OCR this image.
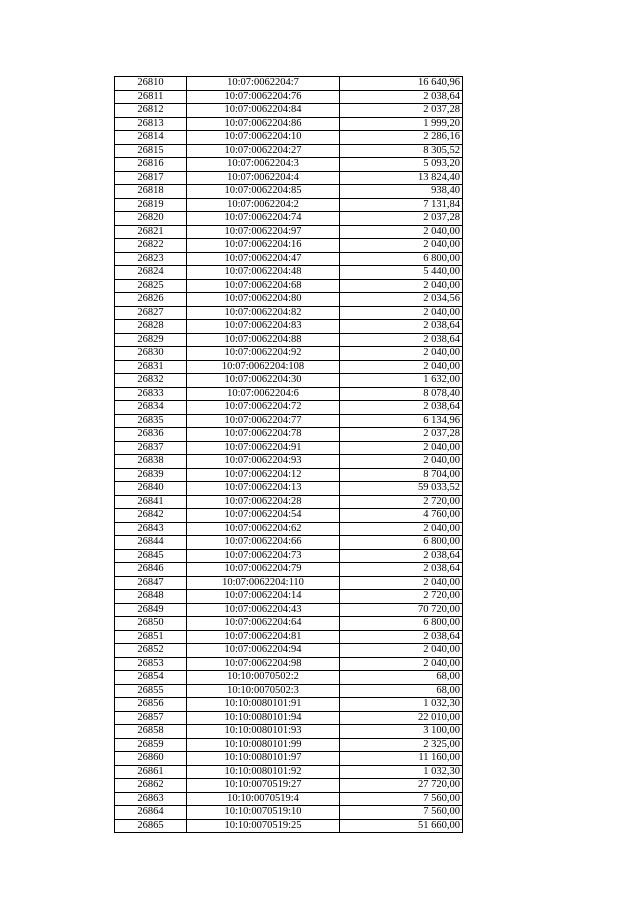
26810	10:07:0062204:7	16 640,96
26811	10:07:0062204:76	2 038,64
26812	10:07:0062204:84	2 037,28
26813	10:07:0062204:86	1 999,20
26814	10:07:0062204:10	2 286,16
26815	10:07:0062204:27	8 305,52
26816	10:07:0062204:3	5 093,20
26817	10:07:0062204:4	13 824,40
26818	10:07:0062204:85	938,40
26819	10:07:0062204:2	7 131,84
26820	10:07:0062204:74	2 037,28
26821	10:07:0062204:97	2 040,00
26822	10:07:0062204:16	2 040,00
26823	10:07:0062204:47	6 800,00
26824	10:07:0062204:48	5 440,00
26825	10:07:0062204:68	2 040,00
26826	10:07:0062204:80	2 034,56
26827	10:07:0062204:82	2 040,00
26828	10:07:0062204:83	2 038,64
26829	10:07:0062204:88	2 038,64
26830	10:07:0062204:92	2 040,00
26831	10:07:0062204:108	2 040,00
26832	10:07:0062204:30	1 632,00
26833	10:07:0062204:6	8 078,40
26834	10:07:0062204:72	2 038,64
26835	10:07:0062204:77	6 134,96
26836	10:07:0062204:78	2 037,28
26837	10:07:0062204:91	2 040,00
26838	10:07:0062204:93	2 040,00
26839	10:07:0062204:12	8 704,00
26840	10:07:0062204:13	59 033,52
26841	10:07:0062204:28	2 720,00
26842	10:07:0062204:54	4 760,00
26843	10:07:0062204:62	2 040,00
26844	10:07:0062204:66	6 800,00
26845	10:07:0062204:73	2 038,64
26846	10:07:0062204:79	2 038,64
26847	10:07:0062204:110	2 040,00
26848	10:07:0062204:14	2 720,00
26849	10:07:0062204:43	70 720,00
26850	10:07:0062204:64	6 800,00
26851	10:07:0062204:81	2 038,64
26852	10:07:0062204:94	2 040,00
26853	10:07:0062204:98	2 040,00
26854	10:10:0070502:2	68,00
26855	10:10:0070502:3	68,00
26856	10:10:0080101:91	1 032,30
26857	10:10:0080101:94	22 010,00
26858	10:10:0080101:93	3 100,00
26859	10:10:0080101:99	2 325,00
26860	10:10:0080101:97	11 160,00
26861	10:10:0080101:92	1 032,30
26862	10:10:0070519:27	27 720,00
26863	10:10:0070519:4	7 560,00
26864	10:10:0070519:10	7 560,00
26865	10:10:0070519:25	51 660,00
